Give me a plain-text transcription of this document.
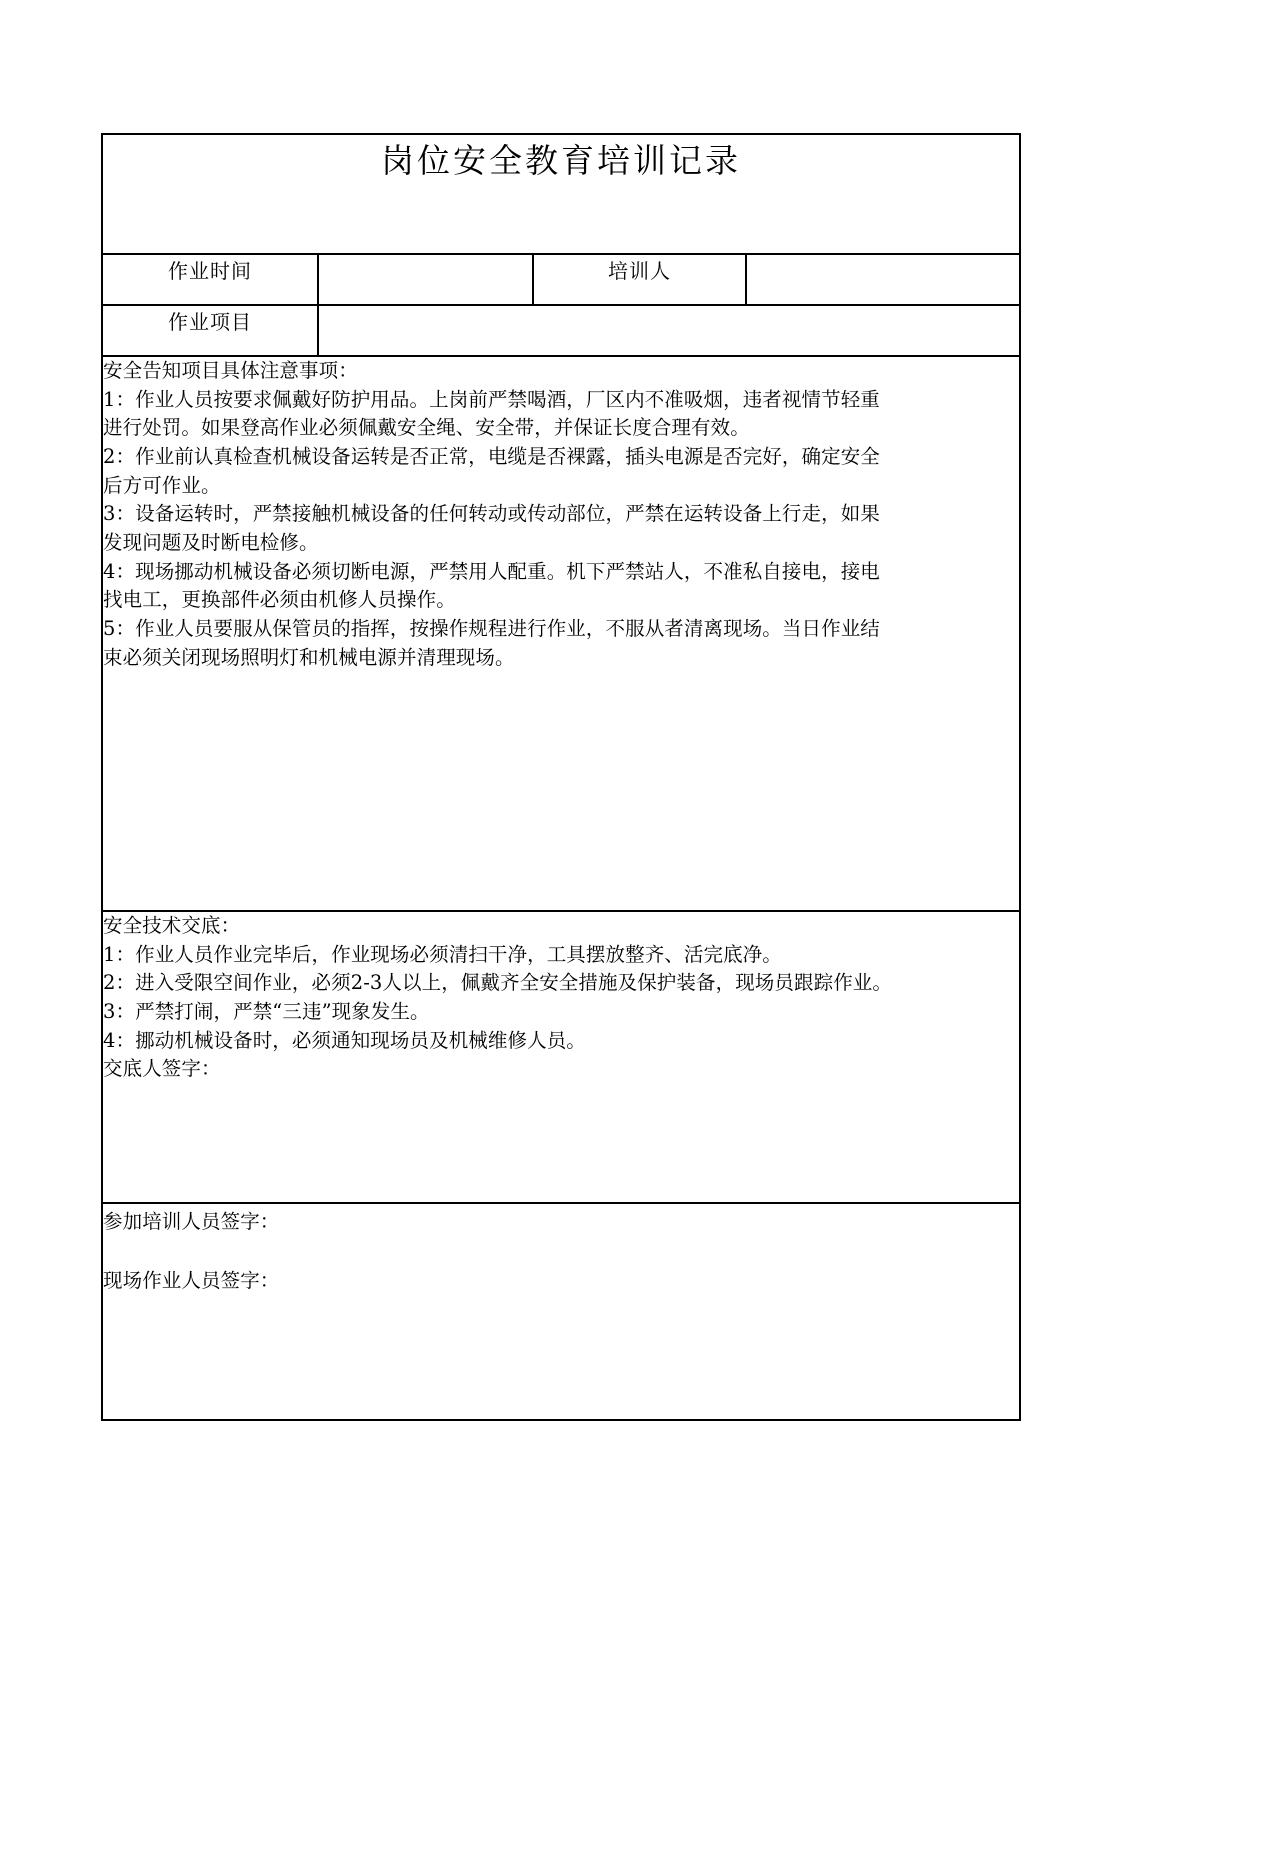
岗位安全教育培训记录			
作业时间		培训人	
作业项目			

安全告知项目具体注意事项：
1：作业人员按要求佩戴好防护用品。上岗前严禁喝酒，厂区内不准吸烟，违者视情节轻重
进行处罚。如果登高作业必须佩戴安全绳、安全带，并保证长度合理有效。
2：作业前认真检查机械设备运转是否正常，电缆是否裸露，插头电源是否完好，确定安全
后方可作业。
3：设备运转时，严禁接触机械设备的任何转动或传动部位，严禁在运转设备上行走，如果
发现问题及时断电检修。
4：现场挪动机械设备必须切断电源，严禁用人配重。机下严禁站人，不准私自接电，接电
找电工，更换部件必须由机修人员操作。
5：作业人员要服从保管员的指挥，按操作规程进行作业，不服从者清离现场。当日作业结
束必须关闭现场照明灯和机械电源并清理现场。

安全技术交底：
1：作业人员作业完毕后，作业现场必须清扫干净，工具摆放整齐、活完底净。
2：进入受限空间作业，必须2-3人以上，佩戴齐全安全措施及保护装备，现场员跟踪作业。
3：严禁打闹，严禁“三违”现象发生。
4：挪动机械设备时，必须通知现场员及机械维修人员。
交底人签字：

参加培训人员签字：
现场作业人员签字：			
